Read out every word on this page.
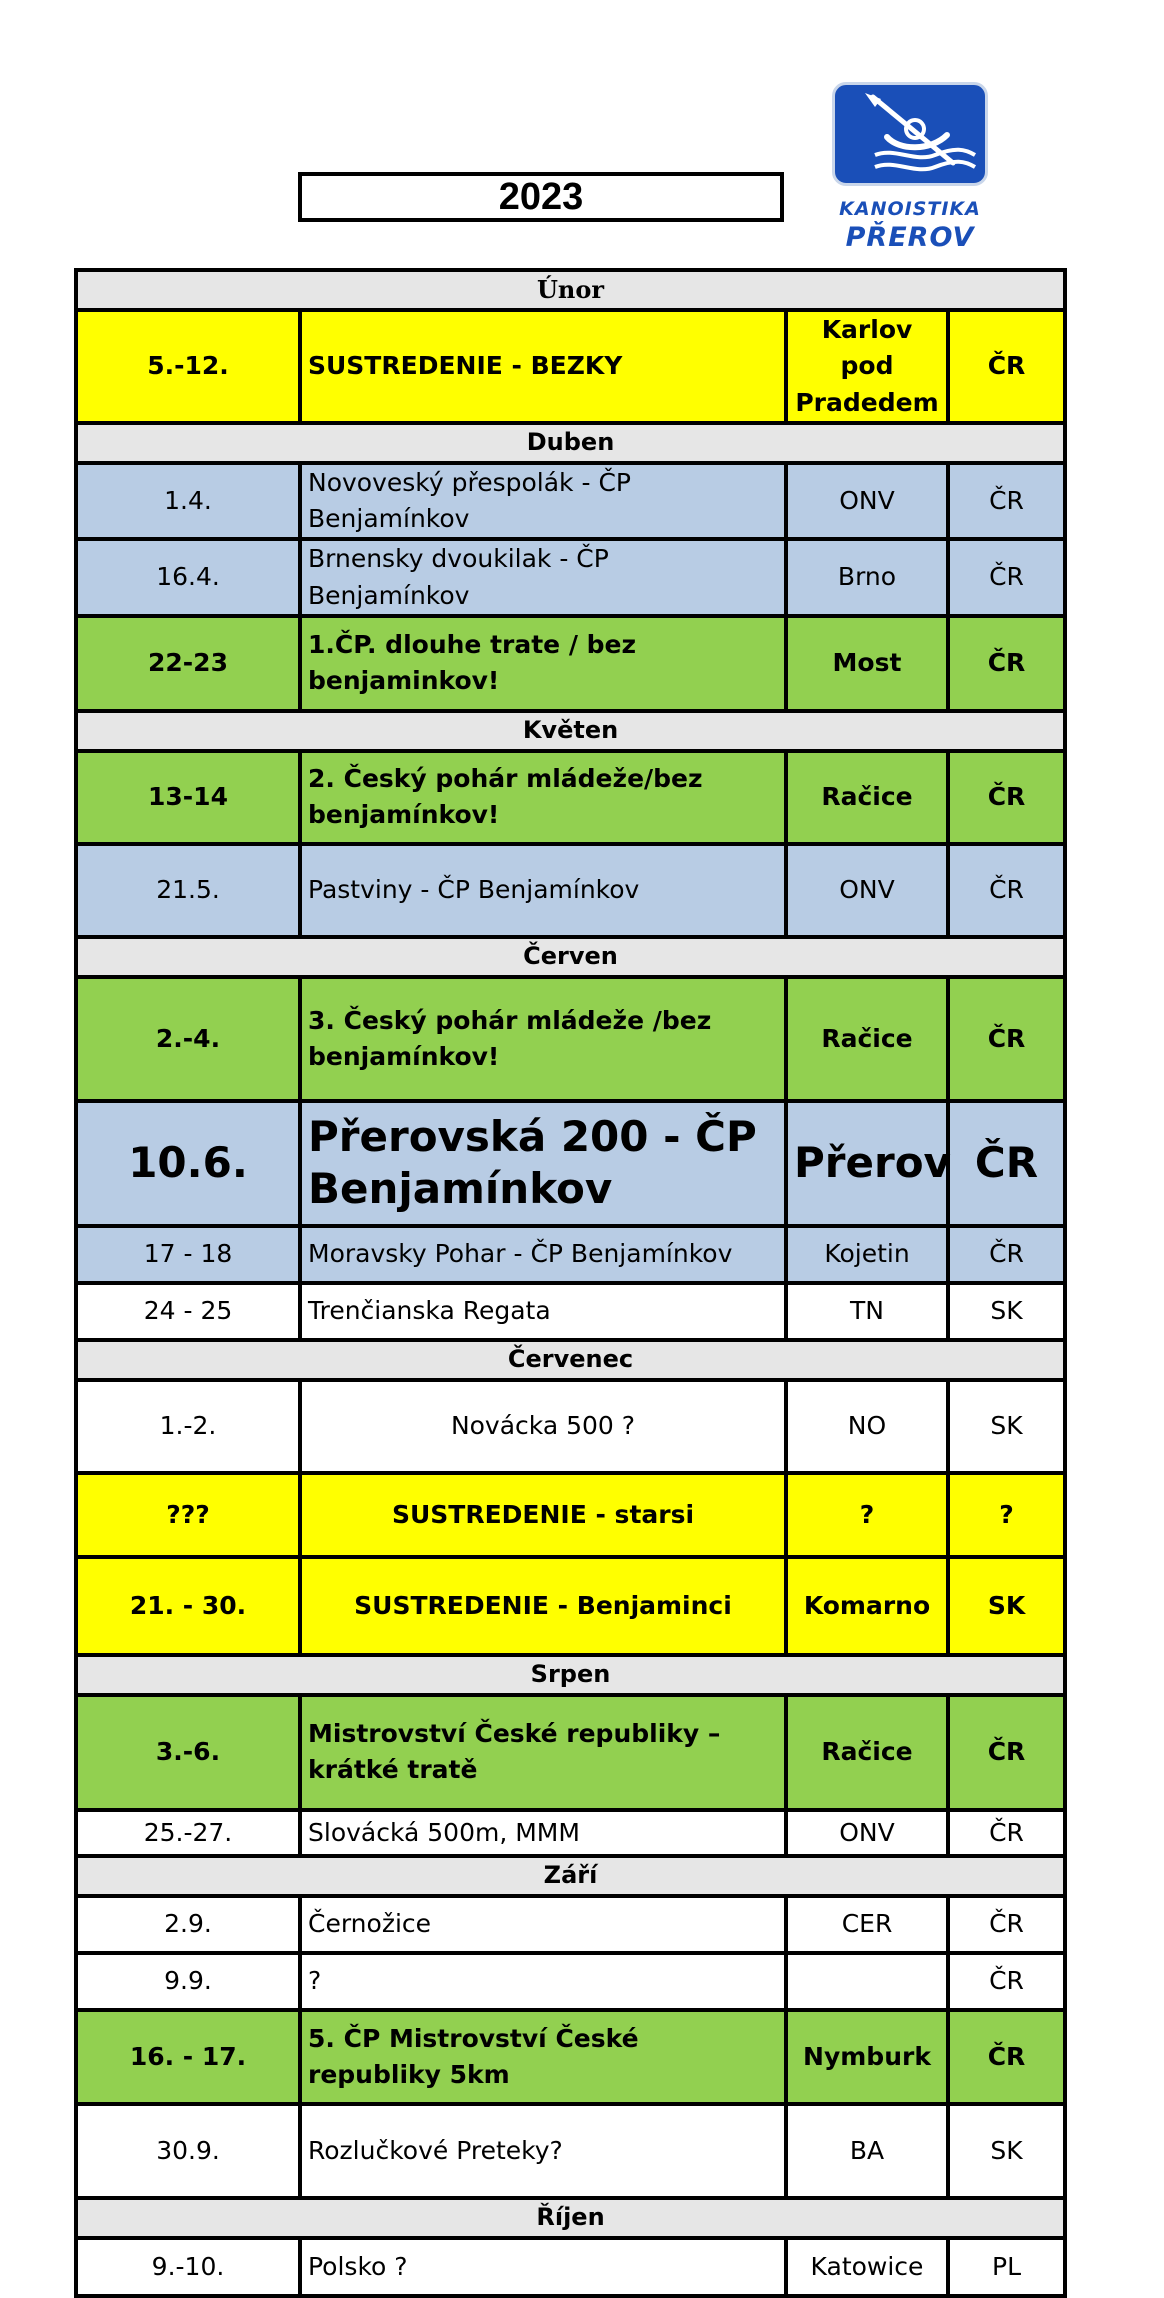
2023	KANOISTIKA
PŘEROV
Únor			
5.-12.	SUSTREDENIE - BEZKY	Karlov pod Pradedem	ČR
Duben			
1.4.	Novoveský přespolák - ČP Benjamínkov	ONV	ČR
16.4.	Brnensky dvoukilak - ČP Benjamínkov	Brno	ČR
22-23	1.ČP. dlouhe trate / bez benjaminkov!	Most	ČR
Květen			
13-14	2. Český pohár mládeže/bez benjamínkov!	Račice	ČR
21.5.	Pastviny - ČP Benjamínkov	ONV	ČR
Červen			
2.-4.	3. Český pohár mládeže /bez benjamínkov!	Račice	ČR
10.6.	Přerovská 200 - ČP Benjamínkov	Přerov	ČR
17 - 18	Moravsky Pohar - ČP Benjamínkov	Kojetin	ČR
24 - 25	Trenčianska Regata	TN	SK
Červenec			
1.-2.	Novácka 500 ?	NO	SK
???	SUSTREDENIE - starsi	?	?
21. - 30.	SUSTREDENIE - Benjaminci	Komarno	SK
Srpen			
3.-6.	Mistrovství České republiky – krátké tratě	Račice	ČR
25.-27.	Slovácká 500m, MMM	ONV	ČR
Září			
2.9.	Černožice	CER	ČR
9.9.	?		ČR
16. - 17.	5. ČP Mistrovství České republiky 5km	Nymburk	ČR
30.9.	Rozlučkové Preteky?	BA	SK
Říjen			
9.-10.	Polsko ?	Katowice	PL
